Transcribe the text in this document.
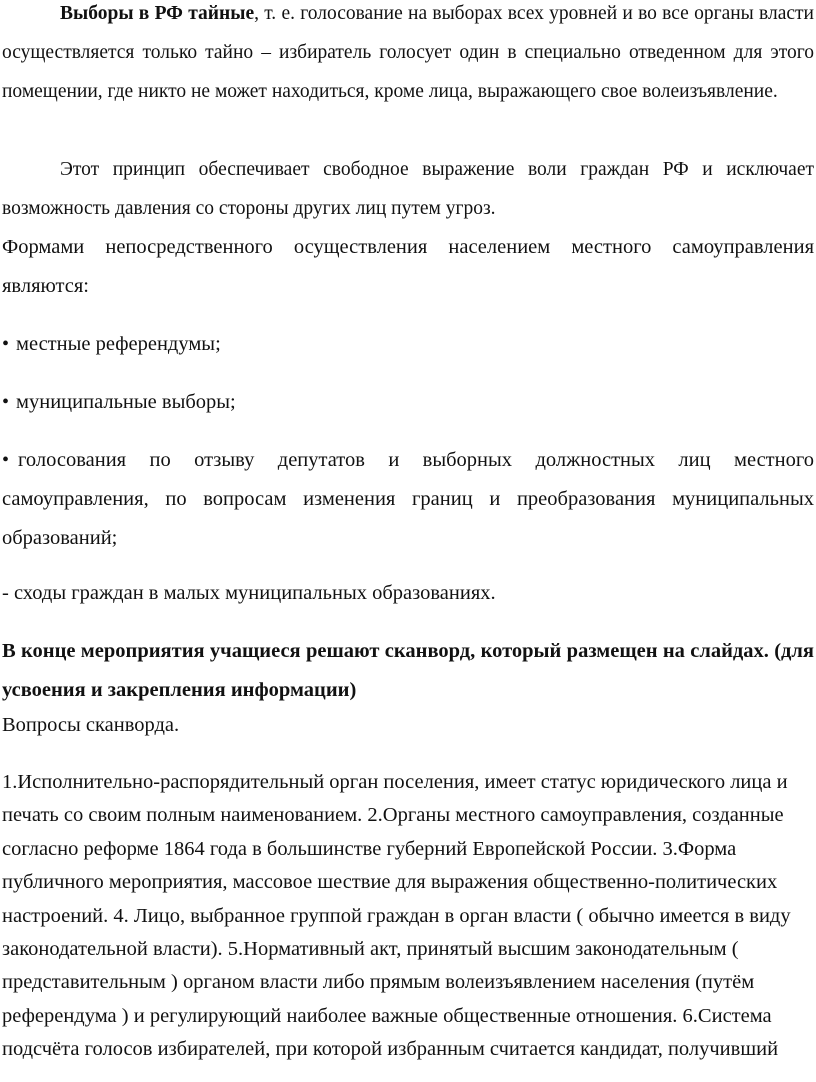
Выборы в РФ тайные, т. е. голосование на выборах всех уровней и во все органы власти осуществляется только тайно – избиратель голосует один в специально отведенном для этого помещении, где никто не может находиться, кроме лица, выражающего свое волеизъявление.

Этот принцип обеспечивает свободное выражение воли граждан РФ и исключает возможность давления со стороны других лиц путем угроз.

Формами непосредственного осуществления населением местного самоуправления являются:

• местные референдумы;

• муниципальные выборы;

• голосования по отзыву депутатов и выборных должностных лиц местного самоуправления, по вопросам изменения границ и преобразования муниципальных образований;

- сходы граждан в малых муниципальных образованиях.

В конце мероприятия учащиеся решают сканворд, который размещен на слайдах. (для усвоения и закрепления информации)

Вопросы сканворда.

1.Исполнительно-распорядительный орган поселения, имеет статус юридического лица и печать со своим полным наименованием. 2.Органы местного самоуправления, созданные согласно реформе 1864 года в большинстве губерний Европейской России. 3.Форма публичного мероприятия, массовое шествие для выражения общественно-политических настроений. 4. Лицо, выбранное группой граждан в орган власти ( обычно имеется в виду законодательной власти). 5.Нормативный акт, принятый высшим законодательным ( представительным ) органом власти либо прямым волеизъявлением населения (путём референдума ) и регулирующий наиболее важные общественные отношения. 6.Система подсчёта голосов избирателей, при которой избранным считается кандидат, получивший
